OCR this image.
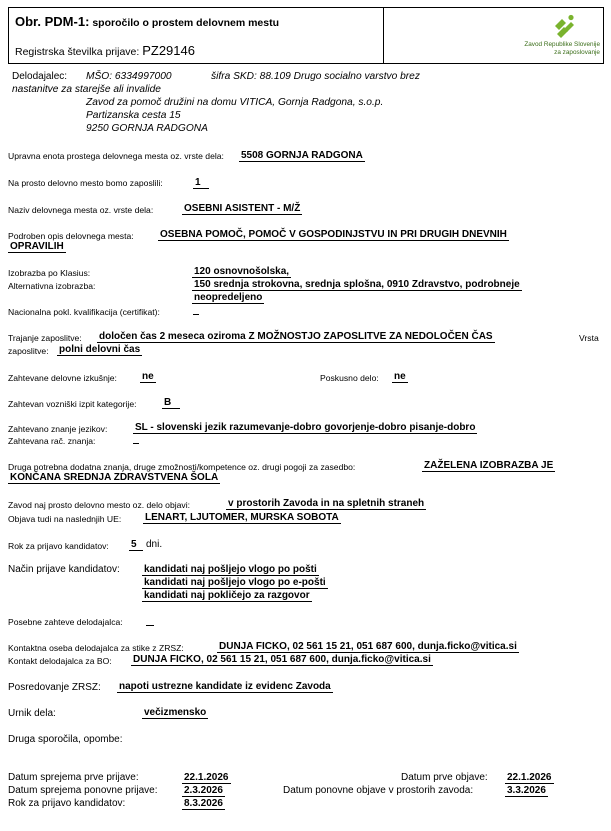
Obr. PDM-1: sporočilo o prostem delovnem mestu
Registrska številka prijave: PZ29146	Zavod Republike Slovenije
za zaposlovanje
Delodajalec: MŠO: 6334997000	šifra SKD: 88.109 Drugo socialno varstvo brez
nastanitve za starejše ali invalide
Zavod za pomoč družini na domu VITICA, Gornja Radgona, s.o.p.
Partizanska cesta 15
9250 GORNJA RADGONA
Upravna enota prostega delovnega mesta oz. vrste dela: 5508 GORNJA RADGONA
Na prosto delovno mesto bomo zaposlili:	1
Naziv delovnega mesta oz. vrste dela:	OSEBNI ASISTENT - M/Ž
Podroben opis delovnega mesta:	OSEBNA POMOČ, POMOČ V GOSPODINJSTVU IN PRI DRUGIH DNEVNIH
OPRAVILIH
Izobrazba po Klasius:	120 osnovnošolska,
Alternativna izobrazba:	150 srednja strokovna, srednja splošna, 0910 Zdravstvo, podrobneje
neopredeljeno
Nacionalna pokl. kvalifikacija (certifikat):
Trajanje zaposlitve: določen čas 2 meseca oziroma Z MOŽNOSTJO ZAPOSLITVE ZA NEDOLOČEN ČAS	Vrsta
zaposlitve: polni delovni čas
Zahtevane delovne izkušnje:	ne	Poskusno delo: ne
Zahtevan vozniški izpit kategorije:	B
Zahtevano znanje jezikov:	SL - slovenski jezik razumevanje-dobro govorjenje-dobro pisanje-dobro
Zahtevana rač. znanja:
Druga potrebna dodatna znanja, druge zmožnosti/kompetence oz. drugi pogoji za zasedbo:	ZAŽELENA IZOBRAZBA JE
KONČANA SREDNJA ZDRAVSTVENA ŠOLA
Zavod naj prosto delovno mesto oz. delo objavi:	v prostorih Zavoda in na spletnih straneh
Objava tudi na naslednjih UE: LENART, LJUTOMER, MURSKA SOBOTA
Rok za prijavo kandidatov: 5 dni.
Način prijave kandidatov: kandidati naj pošljejo vlogo po pošti
kandidati naj pošljejo vlogo po e-pošti
kandidati naj pokličejo za razgovor
Posebne zahteve delodajalca:
Kontaktna oseba delodajalca za stike z ZRSZ:	DUNJA FICKO, 02 561 15 21, 051 687 600, dunja.ficko@vitica.si
Kontakt delodajalca za BO: DUNJA FICKO, 02 561 15 21, 051 687 600, dunja.ficko@vitica.si
Posredovanje ZRSZ: napoti ustrezne kandidate iz evidenc Zavoda
Urnik dela:	večizmensko
Druga sporočila, opombe:
Datum sprejema prve prijave:	22.1.2026
Datum sprejema ponovne prijave:	2.3.2026
Rok za prijavo kandidatov:	8.3.2026
Datum prve objave: 22.1.2026
Datum ponovne objave v prostorih zavoda:	3.3.2026
